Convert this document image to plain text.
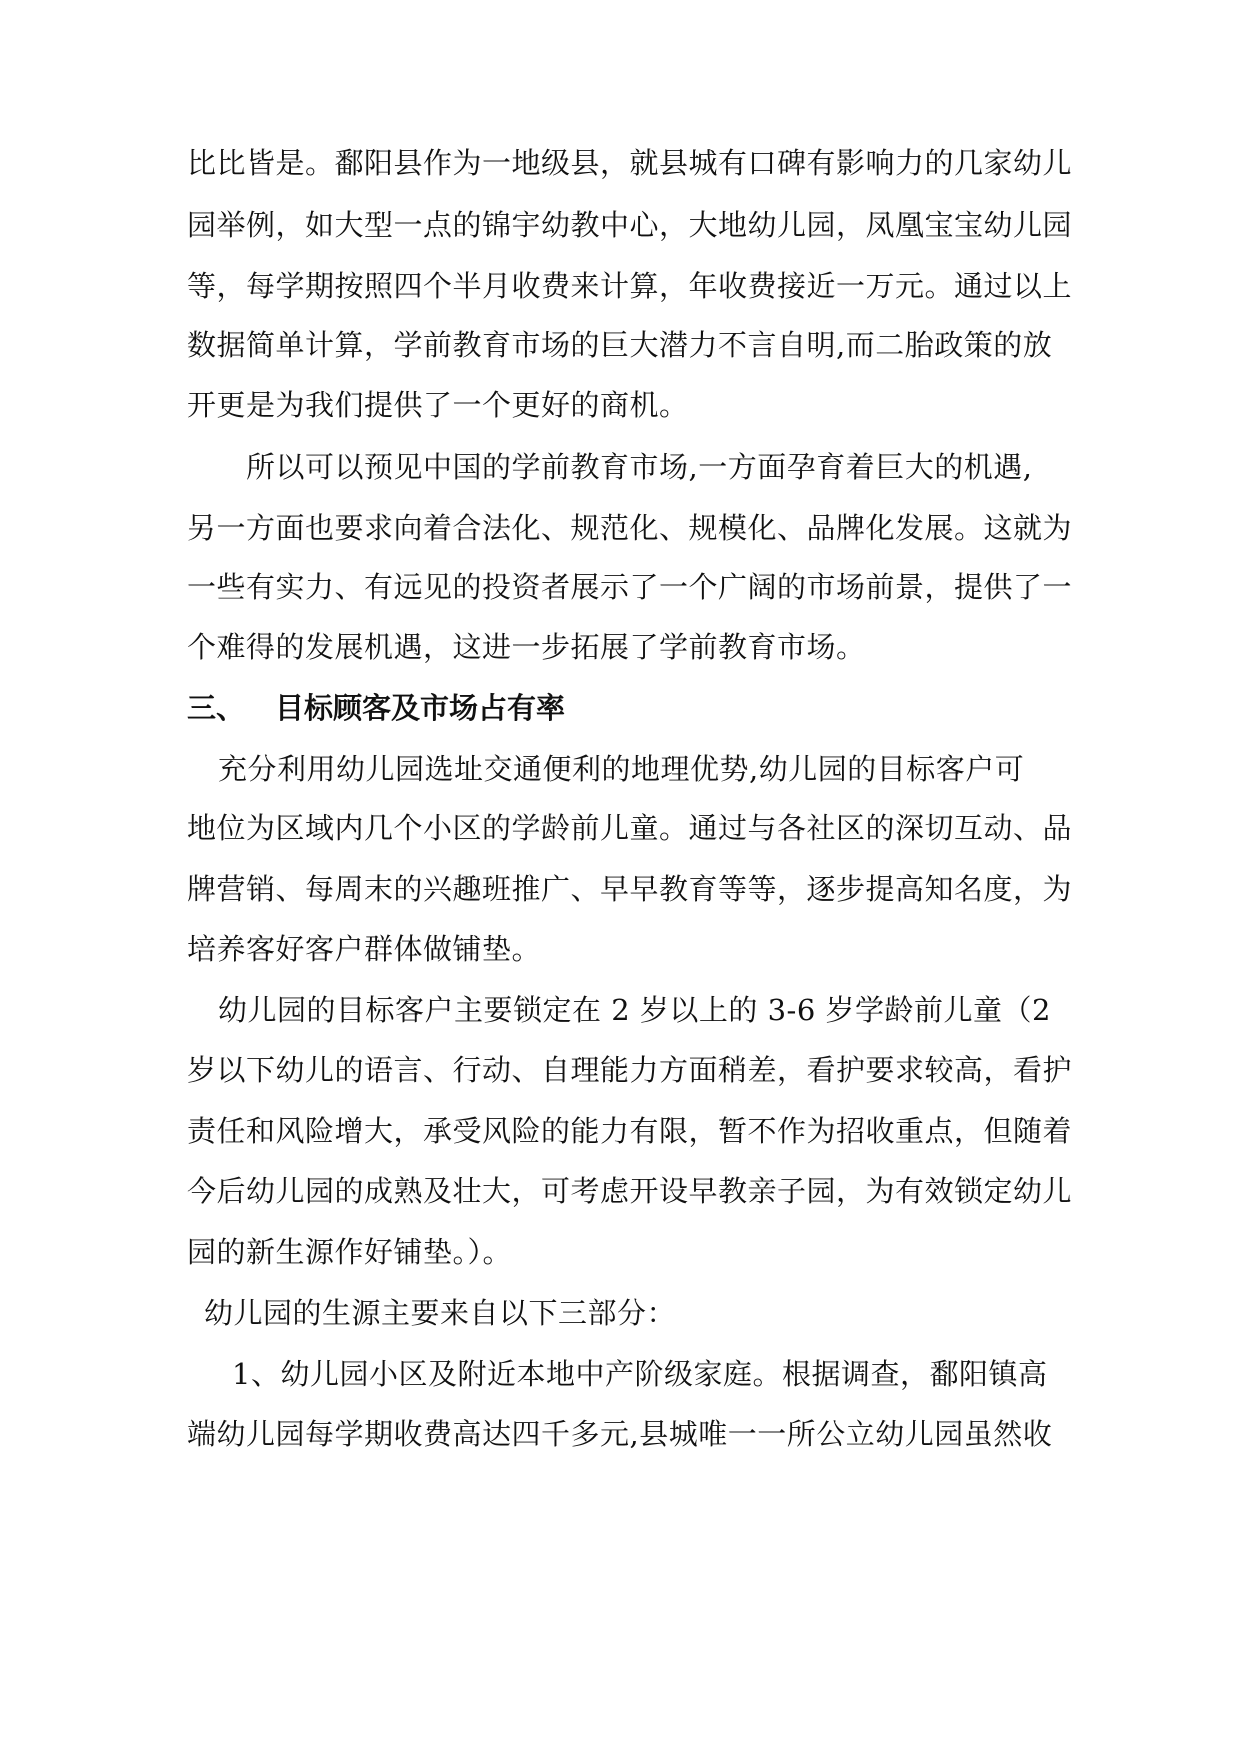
比比皆是。鄱阳县作为一地级县，就县城有口碑有影响力的几家幼儿
园举例，如大型一点的锦宇幼教中心，大地幼儿园，凤凰宝宝幼儿园
等，每学期按照四个半月收费来计算，年收费接近一万元。通过以上
数据简单计算，学前教育市场的巨大潜力不言自明,而二胎政策的放
开更是为我们提供了一个更好的商机。
所以可以预见中国的学前教育市场,一方面孕育着巨大的机遇,
另一方面也要求向着合法化、规范化、规模化、品牌化发展。这就为
一些有实力、有远见的投资者展示了一个广阔的市场前景，提供了一
个难得的发展机遇，这进一步拓展了学前教育市场。
三、 目标顾客及市场占有率
充分利用幼儿园选址交通便利的地理优势,幼儿园的目标客户可
地位为区域内几个小区的学龄前儿童。通过与各社区的深切互动、品
牌营销、每周末的兴趣班推广、早早教育等等，逐步提高知名度，为
培养客好客户群体做铺垫。
幼儿园的目标客户主要锁定在 2 岁以上的 3-6 岁学龄前儿童（2
岁以下幼儿的语言、行动、自理能力方面稍差，看护要求较高，看护
责任和风险增大，承受风险的能力有限，暂不作为招收重点，但随着
今后幼儿园的成熟及壮大，可考虑开设早教亲子园，为有效锁定幼儿
园的新生源作好铺垫。）。
幼儿园的生源主要来自以下三部分：
1、幼儿园小区及附近本地中产阶级家庭。根据调查，鄱阳镇高
端幼儿园每学期收费高达四千多元,县城唯一一所公立幼儿园虽然收
